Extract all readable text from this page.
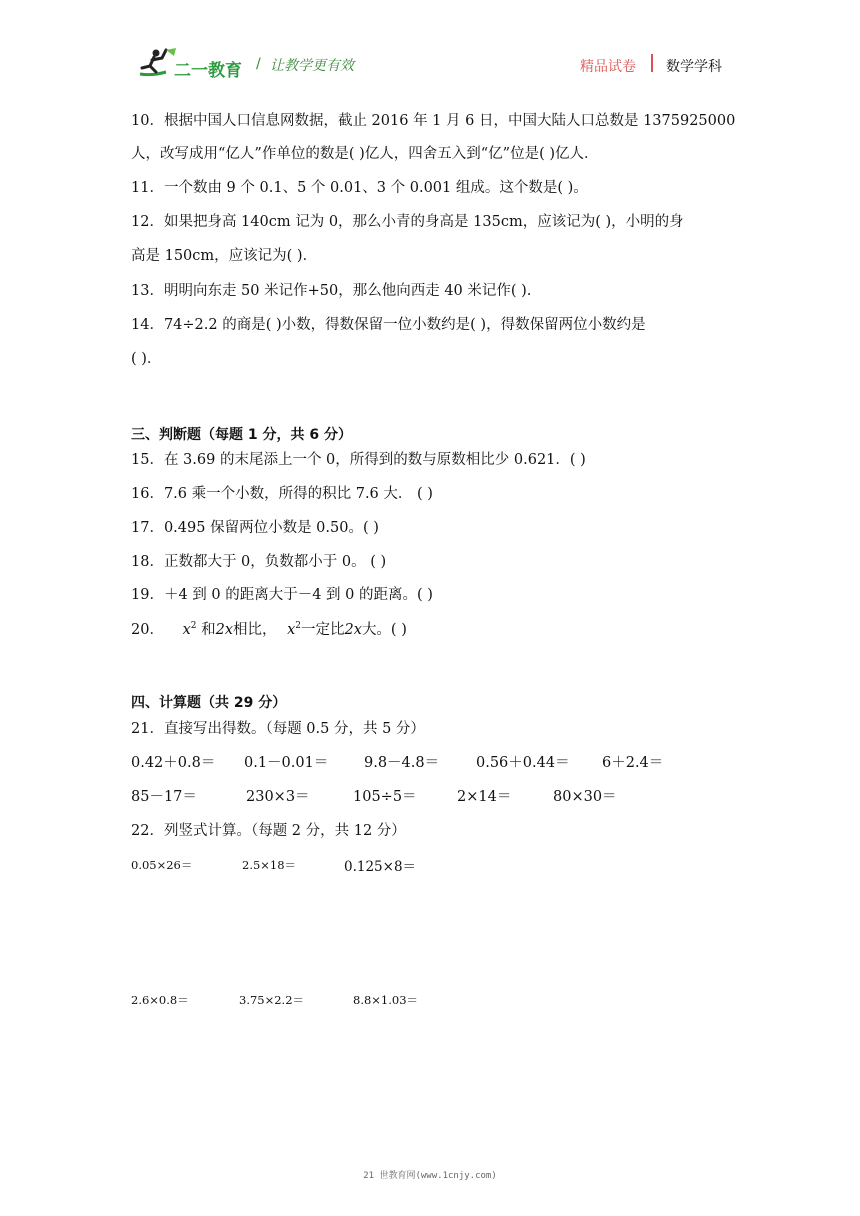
二一教育 / 让教学更有效	精品试卷 数学学科
10．根据中国人口信息网数据，截止 2016 年 1 月 6 日，中国大陆人口总数是 1375925000
人，改写成用“亿人”作单位的数是( )亿人，四舍五入到“亿”位是( )亿人．
11．一个数由 9 个 0.1、5 个 0.01、3 个 0.001 组成。这个数是( )。
12．如果把身高 140cm 记为 0，那么小青的身高是 135cm，应该记为( )，小明的身
高是 150cm，应该记为( )．
13．明明向东走 50 米记作+50，那么他向西走 40 米记作( ).
14．74÷2.2 的商是( )小数，得数保留一位小数约是( )，得数保留两位小数约是
( )．
三、判断题（每题 1 分，共 6 分）
15．在 3.69 的末尾添上一个 0，所得到的数与原数相比少 0.621．( )
16．7.6 乘一个小数，所得的积比 7.6 大． ( )
17．0.495 保留两位小数是 0.50。( )
18．正数都大于 0，负数都小于 0。 ( )
19．＋4 到 0 的距离大于－4 到 0 的距离。( )
20． $x^2$ 和2x相比， $x^2$一定比2x大。( )
四、计算题（共 29 分）
21．直接写出得数。（每题 0.5 分，共 5 分）
0.42＋0.8＝ 0.1－0.01＝ 9.8－4.8＝	0.56＋0.44＝ 6＋2.4＝
85－17＝	230×3＝	105÷5＝	2×14＝	80×30＝
22．列竖式计算。（每题 2 分，共 12 分）
0.05×26＝	2.5×18＝	0.125×8＝
2.6×0.8＝	3.75×2.2＝	8.8×1.03＝
21 世教育网(www.1cnjy.com)
